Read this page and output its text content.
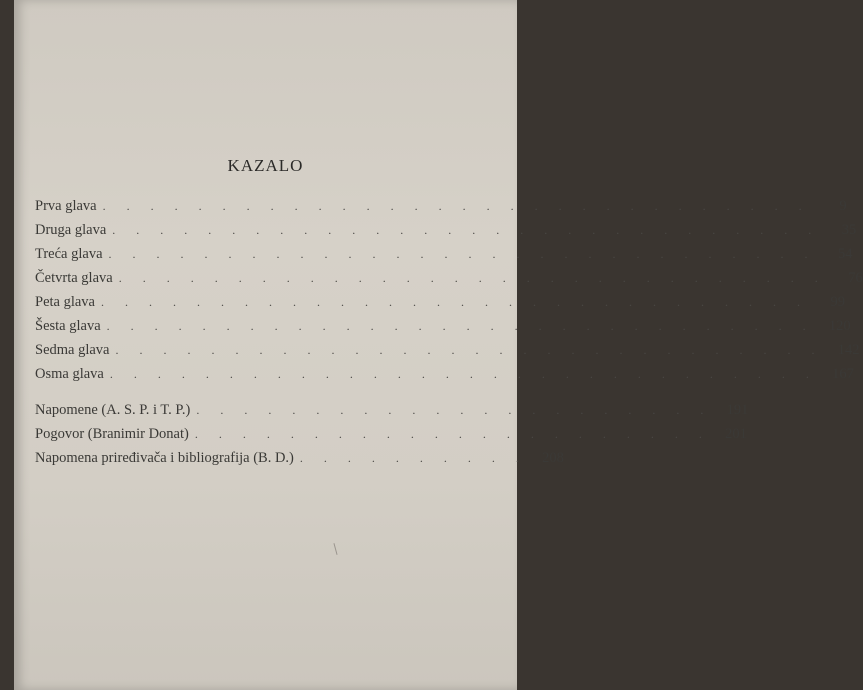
KAZALO
Prva glava . . . . . . . . . . . . . . . . . . . . . . . . . . . . . .	9
Druga glava . . . . . . . . . . . . . . . . . . . . . . . . . . . . . .	35
Treća glava . . . . . . . . . . . . . . . . . . . . . . . . . . . . . .	54
Četvrta glava . . . . . . . . . . . . . . . . . . . . . . . . . . . . . .	76
Peta glava . . . . . . . . . . . . . . . . . . . . . . . . . . . . . .	99
Šesta glava . . . . . . . . . . . . . . . . . . . . . . . . . . . . . . 120
Sedma glava . . . . . . . . . . . . . . . . . . . . . . . . . . . . . . 142
Osma glava . . . . . . . . . . . . . . . . . . . . . . . . . . . . . . 167
Napomene (A. S. P. i T. P.) . . . . . . . . . . . . . . . . . . . . . . 191
Pogovor (Branimir Donat) . . . . . . . . . . . . . . . . . . . . . . 201
Napomena priređivača i bibliografija (B. D.) . . . . . . . . . . 208
